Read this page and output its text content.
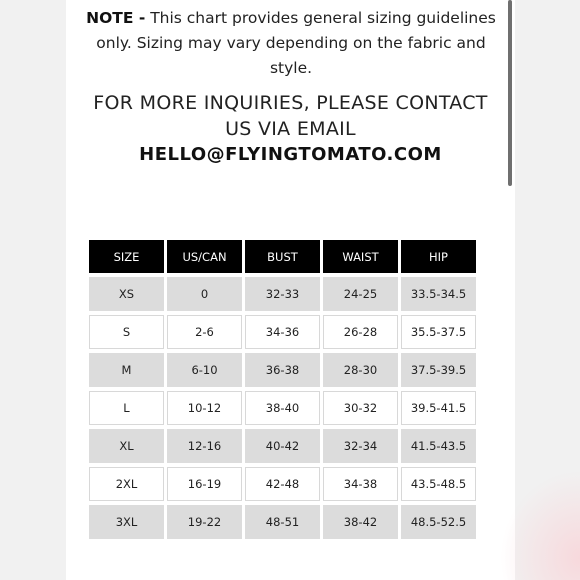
NOTE - This chart provides general sizing guidelines only. Sizing may vary depending on the fabric and style.
FOR MORE INQUIRIES, PLEASE CONTACT
US VIA EMAIL
HELLO@FLYINGTOMATO.COM
SIZE	US/CAN	BUST	WAIST	HIP
XS	0	32-33	24-25	33.5-34.5
S	2-6	34-36	26-28	35.5-37.5
M	6-10	36-38	28-30	37.5-39.5
L	10-12	38-40	30-32	39.5-41.5
XL	12-16	40-42	32-34	41.5-43.5
2XL	16-19	42-48	34-38	43.5-48.5
3XL	19-22	48-51	38-42	48.5-52.5
